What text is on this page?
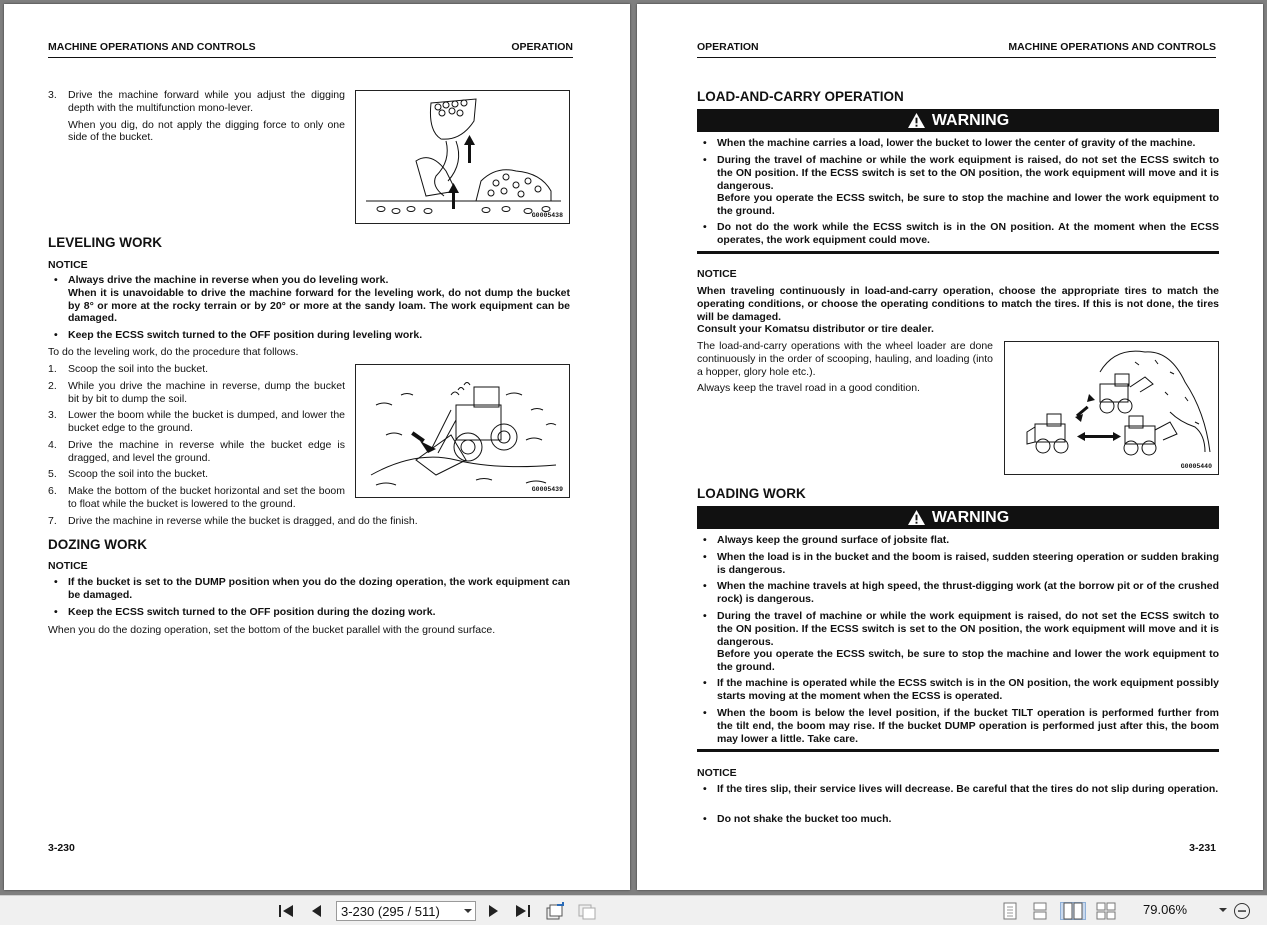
MACHINE OPERATIONS AND CONTROLS	OPERATION
3. Drive the machine forward while you adjust the digging depth with the multifunction mono-lever.
When you dig, do not apply the digging force to only one side of the bucket.
G0005438
LEVELING WORK
NOTICE
• Always drive the machine in reverse when you do leveling work.
When it is unavoidable to drive the machine forward for the leveling work, do not dump the bucket by 8° or more at the rocky terrain or by 20° or more at the sandy loam. The work equipment can be damaged.
• Keep the ECSS switch turned to the OFF position during leveling work.
To do the leveling work, do the procedure that follows.
1. Scoop the soil into the bucket.
2. While you drive the machine in reverse, dump the bucket bit by bit to dump the soil.
3. Lower the boom while the bucket is dumped, and lower the bucket edge to the ground.
4. Drive the machine in reverse while the bucket edge is dragged, and level the ground.
5. Scoop the soil into the bucket.
6. Make the bottom of the bucket horizontal and set the boom to float while the bucket is lowered to the ground.
7. Drive the machine in reverse while the bucket is dragged, and do the finish.
G0005439
DOZING WORK
NOTICE
• If the bucket is set to the DUMP position when you do the dozing operation, the work equipment can be damaged.
• Keep the ECSS switch turned to the OFF position during the dozing work.
When you do the dozing operation, set the bottom of the bucket parallel with the ground surface.
3-230
OPERATION	MACHINE OPERATIONS AND CONTROLS
LOAD-AND-CARRY OPERATION
WARNING
• When the machine carries a load, lower the bucket to lower the center of gravity of the machine.
• During the travel of machine or while the work equipment is raised, do not set the ECSS switch to the ON position. If the ECSS switch is set to the ON position, the work equipment will move and it is dangerous.
Before you operate the ECSS switch, be sure to stop the machine and lower the work equipment to the ground.
• Do not do the work while the ECSS switch is in the ON position. At the moment when the ECSS operates, the work equipment could move.
NOTICE
When traveling continuously in load-and-carry operation, choose the appropriate tires to match the operating conditions, or choose the operating conditions to match the tires. If this is not done, the tires will be damaged.
Consult your Komatsu distributor or tire dealer.
The load-and-carry operations with the wheel loader are done continuously in the order of scooping, hauling, and loading (into a hopper, glory hole etc.).
Always keep the travel road in a good condition.
G0005440
LOADING WORK
WARNING
• Always keep the ground surface of jobsite flat.
• When the load is in the bucket and the boom is raised, sudden steering operation or sudden braking is dangerous.
• When the machine travels at high speed, the thrust-digging work (at the borrow pit or of the crushed rock) is dangerous.
• During the travel of machine or while the work equipment is raised, do not set the ECSS switch to the ON position. If the ECSS switch is set to the ON position, the work equipment will move and it is dangerous.
Before you operate the ECSS switch, be sure to stop the machine and lower the work equipment to the ground.
• If the machine is operated while the ECSS switch is in the ON position, the work equipment possibly starts moving at the moment when the ECSS is operated.
• When the boom is below the level position, if the bucket TILT operation is performed further from the tilt end, the boom may rise. If the bucket DUMP operation is performed just after this, the boom may lower a little. Take care.
NOTICE
• If the tires slip, their service lives will decrease. Be careful that the tires do not slip during operation.
• Do not shake the bucket too much.
3-231
3-230 (295 / 511)	79.06%
